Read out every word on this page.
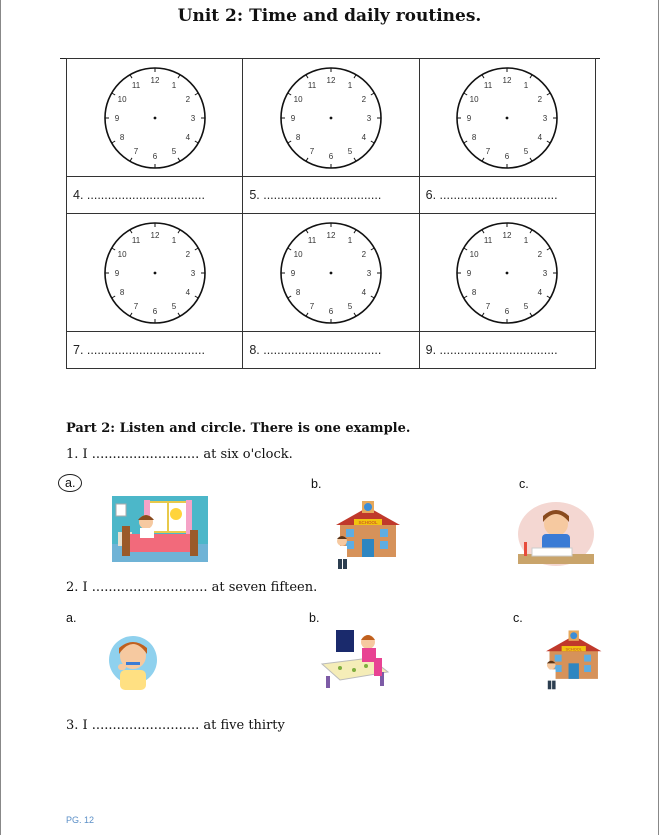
Unit 2: Time and daily routines.
12
1
2
3
4
5
6
7
8
9
10
11
12
1
2
3
4
5
6
7
8
9
10
11
12
1
2
3
4
5
6
7
8
9
10
11
4. ..................................	5. ..................................	6. ..................................
12
1
2
3
4
5
6
7
8
9
10
11
12
1
2
3
4
5
6
7
8
9
10
11
12
1
2
3
4
5
6
7
8
9
10
11
7. ..................................	8. ..................................	9. ..................................
Part 2: Listen and circle. There is one example.
1. I .......................... at six o'clock.
a.	b.	c.
SCHOOL
2. I ............................ at seven fifteen.
a.	b.	c.
SCHOOL
3. I .......................... at five thirty
PG. 12
